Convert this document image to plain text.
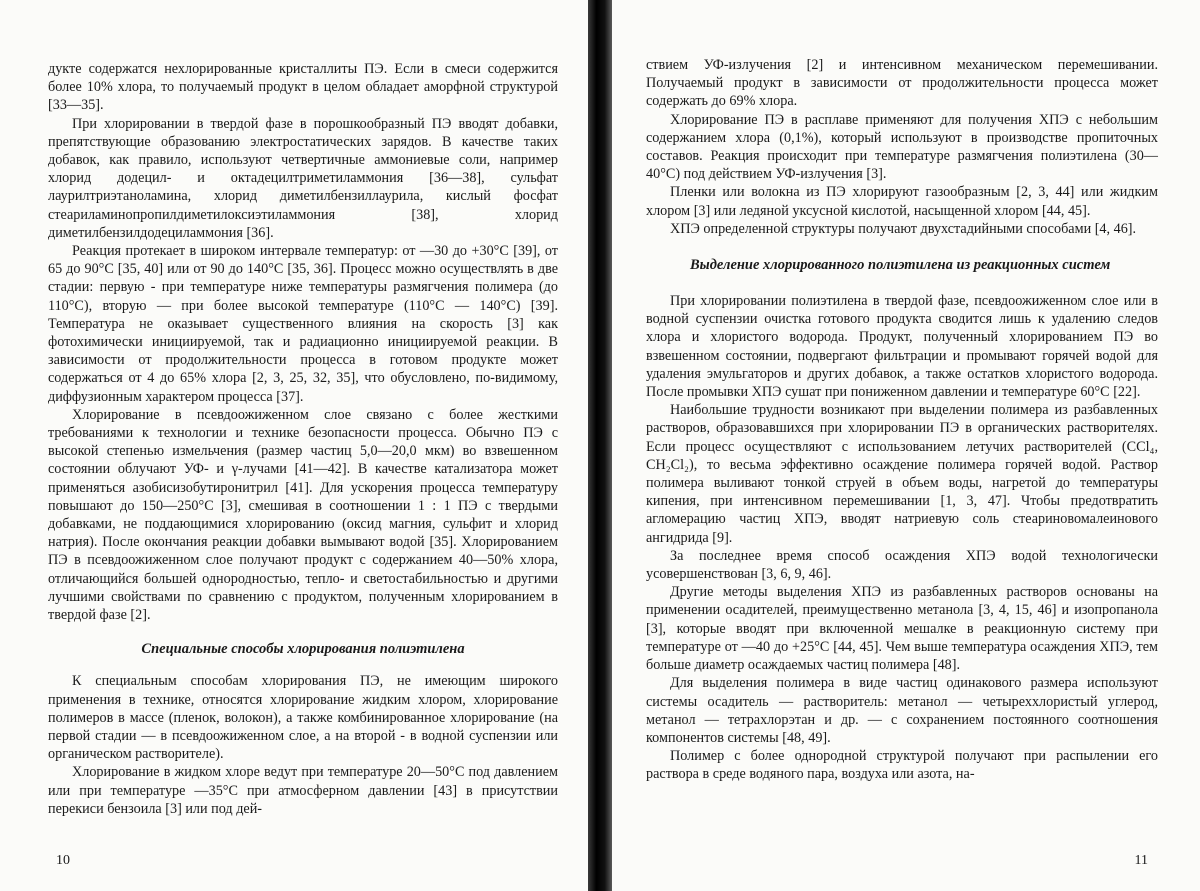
дукте содержатся нехлорированные кристаллиты ПЭ. Если в смеси содержится более 10% хлора, то получаемый продукт в целом обладает аморфной структурой [33—35].

При хлорировании в твердой фазе в порошкообразный ПЭ вводят добавки, препятствующие образованию электростатических зарядов. В качестве таких добавок, как правило, используют четвертичные аммониевые соли, например хлорид додецил- и октадецилтриметиламмония [36—38], сульфат лаурилтриэтаноламина, хлорид диметилбензиллаурила, кислый фосфат стеариламинопропилдиметилоксиэтиламмония [38], хлорид диметилбензилдодециламмония [36].

Реакция протекает в широком интервале температур: от —30 до +30°С [39], от 65 до 90°С [35, 40] или от 90 до 140°С [35, 36]. Процесс можно осуществлять в две стадии: первую - при температуре ниже температуры размягчения полимера (до 110°С), вторую — при более высокой температуре (110°С — 140°С) [39]. Температура не оказывает существенного влияния на скорость [3] как фотохимически инициируемой, так и радиационно инициируемой реакции. В зависимости от продолжительности процесса в готовом продукте может содержаться от 4 до 65% хлора [2, 3, 25, 32, 35], что обусловлено, по-видимому, диффузионным характером процесса [37].

Хлорирование в псевдоожиженном слое связано с более жесткими требованиями к технологии и технике безопасности процесса. Обычно ПЭ с высокой степенью измельчения (размер частиц 5,0—20,0 мкм) во взвешенном состоянии облучают УФ- и γ-лучами [41—42]. В качестве катализатора может применяться азобисизобутиронитрил [41]. Для ускорения процесса температуру повышают до 150—250°С [3], смешивая в соотношении 1 : 1 ПЭ с твердыми добавками, не поддающимися хлорированию (оксид магния, сульфит и хлорид натрия). После окончания реакции добавки вымывают водой [35]. Хлорированием ПЭ в псевдоожиженном слое получают продукт с содержанием 40—50% хлора, отличающийся большей однородностью, тепло- и светостабильностью и другими лучшими свойствами по сравнению с продуктом, полученным хлорированием в твердой фазе [2].

Специальные способы хлорирования полиэтилена

К специальным способам хлорирования ПЭ, не имеющим широкого применения в технике, относятся хлорирование жидким хлором, хлорирование полимеров в массе (пленок, волокон), а также комбинированное хлорирование (на первой стадии — в псевдоожиженном слое, а на второй - в водной суспензии или органическом растворителе).

Хлорирование в жидком хлоре ведут при температуре 20—50°С под давлением или при температуре —35°С при атмосферном давлении [43] в присутствии перекиси бензоила [3] или под дей-

10

ствием УФ-излучения [2] и интенсивном механическом перемешивании. Получаемый продукт в зависимости от продолжительности процесса может содержать до 69% хлора.

Хлорирование ПЭ в расплаве применяют для получения ХПЭ с небольшим содержанием хлора (0,1%), который используют в производстве пропиточных составов. Реакция происходит при температуре размягчения полиэтилена (30—40°С) под действием УФ-излучения [3].

Пленки или волокна из ПЭ хлорируют газообразным [2, 3, 44] или жидким хлором [3] или ледяной уксусной кислотой, насыщенной хлором [44, 45].

ХПЭ определенной структуры получают двухстадийными способами [4, 46].

Выделение хлорированного полиэтилена из реакционных систем

При хлорировании полиэтилена в твердой фазе, псевдоожиженном слое или в водной суспензии очистка готового продукта сводится лишь к удалению следов хлора и хлористого водорода. Продукт, полученный хлорированием ПЭ во взвешенном состоянии, подвергают фильтрации и промывают горячей водой для удаления эмульгаторов и других добавок, а также остатков хлористого водорода. После промывки ХПЭ сушат при пониженном давлении и температуре 60°С [22].

Наибольшие трудности возникают при выделении полимера из разбавленных растворов, образовавшихся при хлорировании ПЭ в органических растворителях. Если процесс осуществляют с использованием летучих растворителей (CCl₄, CH₂Cl₂), то весьма эффективно осаждение полимера горячей водой. Раствор полимера выливают тонкой струей в объем воды, нагретой до температуры кипения, при интенсивном перемешивании [1, 3, 47]. Чтобы предотвратить агломерацию частиц ХПЭ, вводят натриевую соль стеариновомалеинового ангидрида [9].

За последнее время способ осаждения ХПЭ водой технологически усовершенствован [3, 6, 9, 46].

Другие методы выделения ХПЭ из разбавленных растворов основаны на применении осадителей, преимущественно метанола [3, 4, 15, 46] и изопропанола [3], которые вводят при включенной мешалке в реакционную систему при температуре от —40 до +25°С [44, 45]. Чем выше температура осаждения ХПЭ, тем больше диаметр осаждаемых частиц полимера [48].

Для выделения полимера в виде частиц одинакового размера используют системы осадитель — растворитель: метанол — четыреххлористый углерод, метанол — тетрахлорэтан и др. — с сохранением постоянного соотношения компонентов системы [48, 49].

Полимер с более однородной структурой получают при распылении его раствора в среде водяного пара, воздуха или азота, на-

11
